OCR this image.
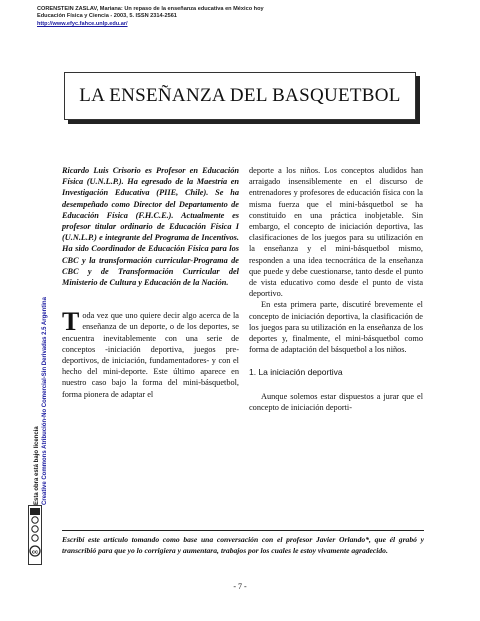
CORENSTEIN ZASLAV, Mariana: Un repaso de la enseñanza educativa en México hoy
Educación Física y Ciencia - 2003, 5. ISSN 2314-2561
http://www.efyc.fahce.unlp.edu.ar/
LA ENSEÑANZA DEL BASQUETBOL
cc
Esta obra está bajo licencia Creative Commons Atribución-No Comercial-Sin Derivadas 2.5 Argentina

Ricardo Luis Crisorio es Profesor en Educación Física (U.N.L.P.). Ha egresado de la Maestría en Investigación Educativa (PIIE, Chile). Se ha desempeñado como Director del Departamento de Educación Física (F.H.C.E.). Actualmente es profesor titular ordinario de Educación Física I (U.N.L.P.) e integrante del Programa de Incentivos. Ha sido Coordinador de Educación Física para los CBC y la transformación curricular-Programa de CBC y de Transformación Curricular del Ministerio de Cultura y Educación de la Nación.

Toda vez que uno quiere decir algo acerca de la enseñanza de un deporte, o de los deportes, se encuentra inevitablemente con una serie de conceptos -iniciación deportiva, juegos pre-deportivos, de iniciación, fundamentadores- y con el hecho del mini-deporte. Este último aparece en nuestro caso bajo la forma del mini-básquetbol, forma pionera de adaptar el

deporte a los niños. Los conceptos aludidos han arraigado insensiblemente en el discurso de entrenadores y profesores de educación física con la misma fuerza que el mini-básquetbol se ha constituido en una práctica inobjetable. Sin embargo, el concepto de iniciación deportiva, las clasificaciones de los juegos para su utilización en la enseñanza y el mini-básquetbol mismo, responden a una idea tecnocrática de la enseñanza que puede y debe cuestionarse, tanto desde el punto de vista educativo como desde el punto de vista deportivo.

En esta primera parte, discutiré brevemente el concepto de iniciación deportiva, la clasificación de los juegos para su utilización en la enseñanza de los deportes y, finalmente, el mini-básquetbol como forma de adaptación del básquetbol a los niños.

1. La iniciación deportiva

Aunque solemos estar dispuestos a jurar que el concepto de iniciación deporti-

Escribí este artículo tomando como base una conversación con el profesor Javier Orlando*, que él grabó y transcribió para que yo lo corrigiera y aumentara, trabajos por los cuales le estoy vivamente agradecido.
- 7 -
